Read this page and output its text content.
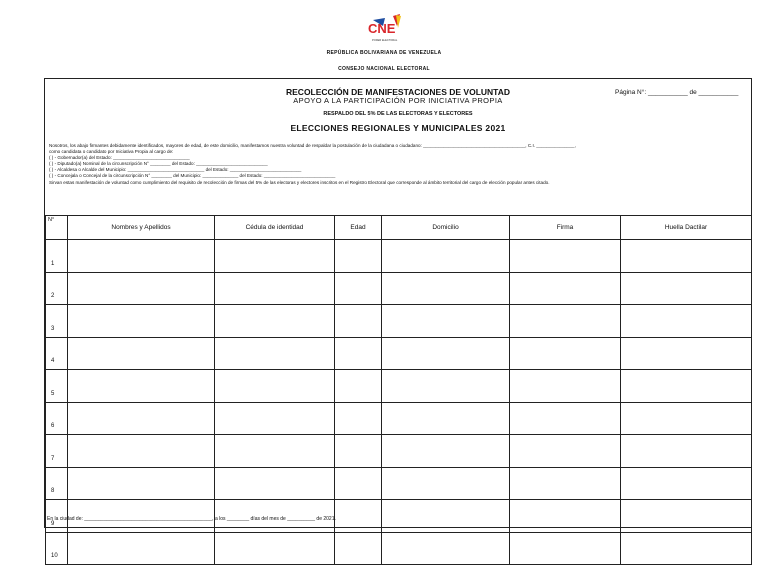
CNE
PODER ELECTORAL
REPÚBLICA BOLIVARIANA DE VENEZUELA
CONSEJO NACIONAL ELECTORAL
RECOLECCIÓN DE MANIFESTACIONES DE VOLUNTAD
APOYO A LA PARTICIPACIÓN POR INICIATIVA PROPIA
RESPALDO DEL 5% DE LAS ELECTORAS Y ELECTORES
ELECCIONES REGIONALES Y MUNICIPALES 2021
Página N°: ___________ de ___________
Nosotros, los abajo firmantes debidamente identificados, mayores de edad, de este domicilio, manifestamos nuestra voluntad de respaldar la postulación de la ciudadana o ciudadano: ________________________________________, C.I. _______________,
como candidata o candidato por Iniciativa Propia al cargo de:
( ) - Gobernador(a) del Estado: ______________________________
( ) - Diputado(a) Nominal de la circunscripción N° ________ del Estado: ____________________________
( ) - Alcaldesa o Alcalde del Municipio: ______________________________ del Estado: ____________________________
( ) - Concejala o Concejal de la circunscripción N° ________ del Municipio: ______________ del Estado: ____________________________
Sirvan estas manifestación de voluntad como cumplimiento del requisito de recolección de firmas del 5% de las electoras y electores inscritos en el Registro Electoral que corresponde al ámbito territorial del cargo de elección popular antes citado.
N°	Nombres y Apellidos	Cédula de identidad	Edad	Domicilio	Firma	Huella Dactilar
1						
2						
3						
4						
5						
6						
7						
8						
9						
10						
En la ciudad de: ______________________________________________, a los ________ días del mes de __________ de 2021.
